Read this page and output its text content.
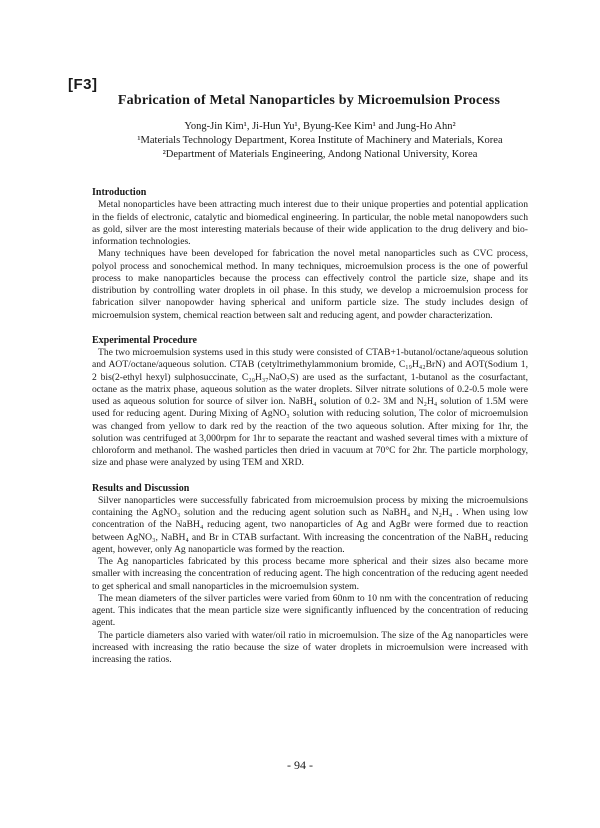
[F3]
Fabrication of Metal Nanoparticles by Microemulsion Process
Yong-Jin Kim¹, Ji-Hun Yu¹, Byung-Kee Kim¹ and Jung-Ho Ahn²
¹Materials Technology Department, Korea Institute of Machinery and Materials, Korea
²Department of Materials Engineering, Andong National University, Korea

Introduction

Metal nonoparticles have been attracting much interest due to their unique properties and potential application in the fields of electronic, catalytic and biomedical engineering. In particular, the noble metal nanopowders such as gold, silver are the most interesting materials because of their wide application to the drug delivery and bio-information technologies.

Many techniques have been developed for fabrication the novel metal nanoparticles such as CVC process, polyol process and sonochemical method. In many techniques, microemulsion process is the one of powerful process to make nanoparticles because the process can effectively control the particle size, shape and its distribution by controlling water droplets in oil phase. In this study, we develop a microemulsion process for fabrication silver nanopowder having spherical and uniform particle size. The study includes design of microemulsion system, chemical reaction between salt and reducing agent, and powder characterization.

Experimental Procedure

The two microemulsion systems used in this study were consisted of CTAB+1-butanol/octane/aqueous solution and AOT/octane/aqueous solution. CTAB (cetyltrimethylammonium bromide, C₁₉H₄₂BrN) and AOT(Sodium 1, 2 bis(2-ethyl hexyl) sulphosuccinate, C₂₀H₃₇NaO₇S) are used as the surfactant, 1-butanol as the cosurfactant, octane as the matrix phase, aqueous solution as the water droplets. Silver nitrate solutions of 0.2-0.5 mole were used as aqueous solution for source of silver ion. NaBH₄ solution of 0.2- 3M and N₂H₄ solution of 1.5M were used for reducing agent. During Mixing of AgNO₃ solution with reducing solution, The color of microemulsion was changed from yellow to dark red by the reaction of the two aqueous solution. After mixing for 1hr, the solution was centrifuged at 3,000rpm for 1hr to separate the reactant and washed several times with a mixture of chloroform and methanol. The washed particles then dried in vacuum at 70°C for 2hr. The particle morphology, size and phase were analyzed by using TEM and XRD.

Results and Discussion

Silver nanoparticles were successfully fabricated from microemulsion process by mixing the microemulsions containing the AgNO₃ solution and the reducing agent solution such as NaBH₄ and N₂H₄ . When using low concentration of the NaBH₄ reducing agent, two nanoparticles of Ag and AgBr were formed due to reaction between AgNO₃, NaBH₄ and Br in CTAB surfactant. With increasing the concentration of the NaBH₄ reducing agent, however, only Ag nanoparticle was formed by the reaction.

The Ag nanoparticles fabricated by this process became more spherical and their sizes also became more smaller with increasing the concentration of reducing agent. The high concentration of the reducing agent needed to get spherical and small nanoparticles in the microemulsion system.

The mean diameters of the silver particles were varied from 60nm to 10 nm with the concentration of reducing agent. This indicates that the mean particle size were significantly influenced by the concentration of reducing agent.

The particle diameters also varied with water/oil ratio in microemulsion. The size of the Ag nanoparticles were increased with increasing the ratio because the size of water droplets in microemulsion were increased with increasing the ratios.

- 94 -
